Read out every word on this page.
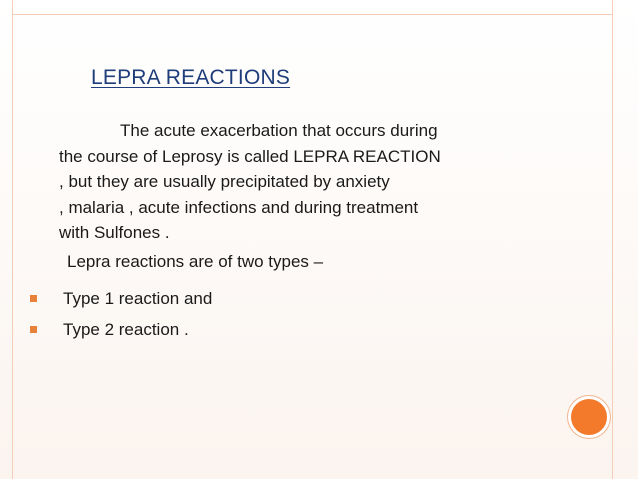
LEPRA REACTIONS
The acute exacerbation that occurs during
the course of Leprosy is called LEPRA REACTION
, but they are usually precipitated by anxiety
, malaria , acute infections and during treatment
with Sulfones .
Lepra reactions are of two types –
Type 1 reaction and
Type 2 reaction .
